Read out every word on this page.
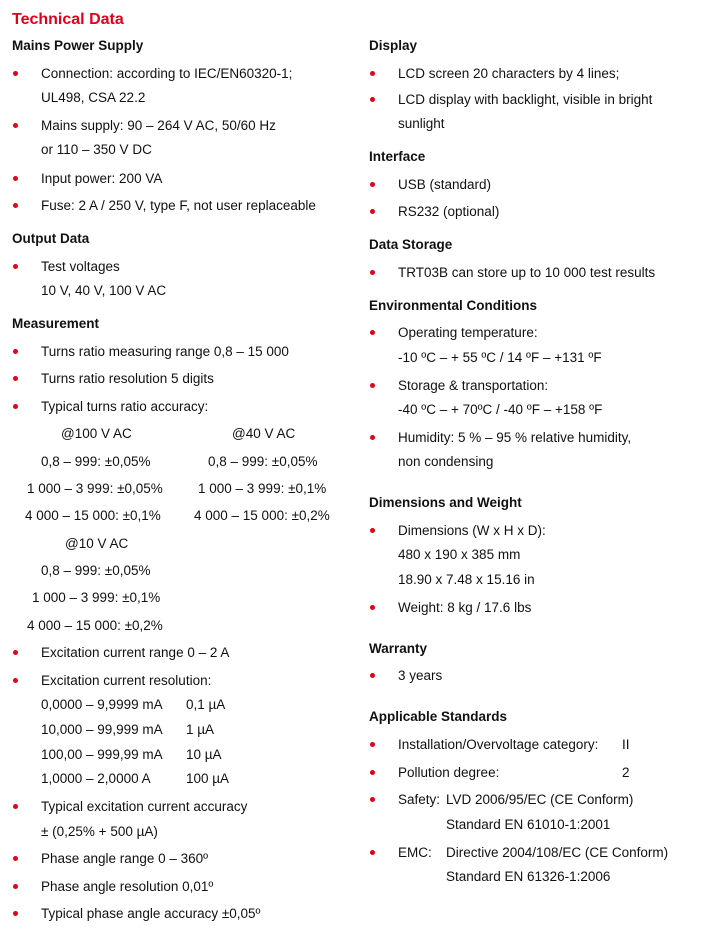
Technical Data
Mains Power Supply
Connection: according to IEC/EN60320-1;
UL498, CSA 22.2
Mains supply: 90 – 264 V AC, 50/60 Hz
or 110 – 350 V DC
Input power: 200 VA
Fuse: 2 A / 250 V, type F, not user replaceable
Output Data
Test voltages
10 V, 40 V, 100 V AC
Measurement
Turns ratio measuring range 0,8 – 15 000
Turns ratio resolution 5 digits
Typical turns ratio accuracy:
@100 V AC	@40 V AC
0,8 – 999: ±0,05%	0,8 – 999: ±0,05%
1 000 – 3 999: ±0,05%	1 000 – 3 999: ±0,1%
4 000 – 15 000: ±0,1% 4 000 – 15 000: ±0,2%
@10 V AC
0,8 – 999: ±0,05%
1 000 – 3 999: ±0,1%
4 000 – 15 000: ±0,2%
Excitation current range 0 – 2 A
Excitation current resolution:
0,0000 – 9,9999 mA 0,1 µA
10,000 – 99,999 mA 1 µA
100,00 – 999,99 mA 10 µA
1,0000 – 2,0000 A	100 µA
Typical excitation current accuracy
± (0,25% + 500 µA)
Phase angle range 0 – 360º
Phase angle resolution 0,01º
Typical phase angle accuracy ±0,05º
Display
LCD screen 20 characters by 4 lines;
LCD display with backlight, visible in bright
sunlight
Interface
USB (standard)
RS232 (optional)
Data Storage
TRT03B can store up to 10 000 test results
Environmental Conditions
Operating temperature:
-10 ºC – + 55 ºC / 14 ºF – +131 ºF
Storage & transportation:
-40 ºC – + 70ºC / -40 ºF – +158 ºF
Humidity: 5 % – 95 % relative humidity,
non condensing
Dimensions and Weight
Dimensions (W x H x D):
480 x 190 x 385 mm
18.90 x 7.48 x 15.16 in
Weight: 8 kg / 17.6 lbs
Warranty
3 years
Applicable Standards
Installation/Overvoltage category: II
Pollution degree:	2
Safety: LVD 2006/95/EC (CE Conform)
Standard EN 61010-1:2001
EMC: Directive 2004/108/EC (CE Conform)
Standard EN 61326-1:2006
